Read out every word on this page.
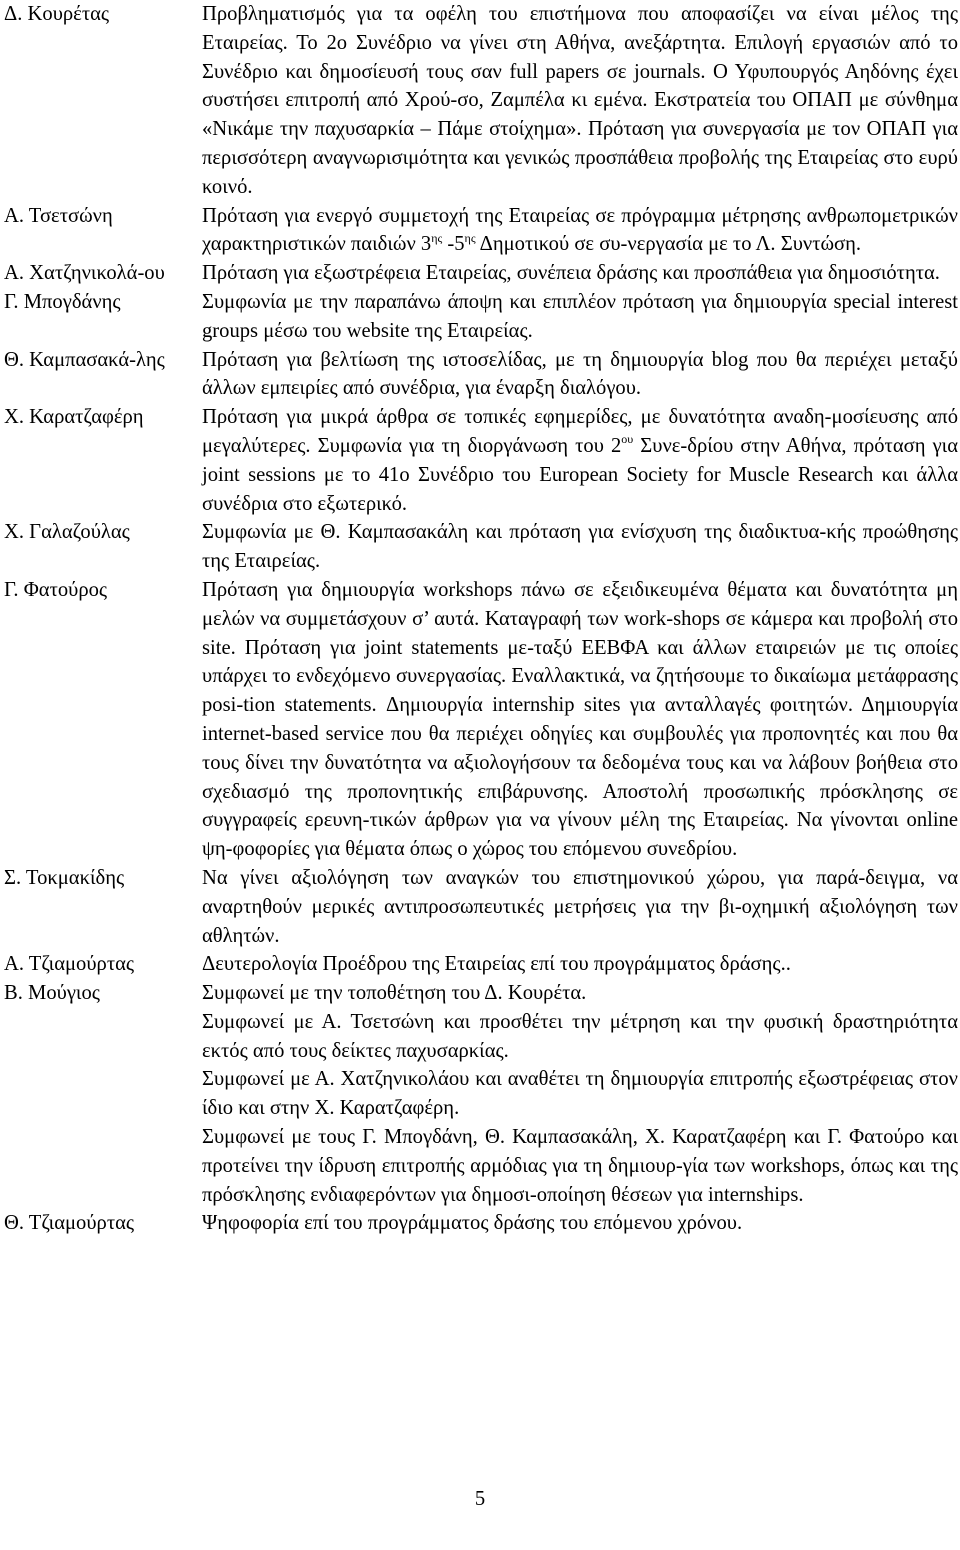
Δ. Κουρέτας	Προβληματισμός για τα οφέλη του επιστήμονα που αποφασίζει να είναι μέλος της Εταιρείας. Το 2ο Συνέδριο να γίνει στη Αθήνα, ανεξάρτητα. Επιλογή εργασιών από το Συνέδριο και δημοσίευσή τους σαν full papers σε journals. Ο Υφυπουργός Αηδόνης έχει συστήσει επιτροπή από Χρού-σο, Ζαμπέλα κι εμένα. Εκστρατεία του ΟΠΑΠ με σύνθημα «Νικάμε την παχυσαρκία – Πάμε στοίχημα». Πρόταση για συνεργασία με τον ΟΠΑΠ για περισσότερη αναγνωρισιμότητα και γενικώς προσπάθεια προβολής της Εταιρείας στο ευρύ κοινό.
Α. Τσετσώνη	Πρόταση για ενεργό συμμετοχή της Εταιρείας σε πρόγραμμα μέτρησης ανθρωπομετρικών χαρακτηριστικών παιδιών $3^{\eta\varsigma}$ $-5^{\eta\varsigma}$ Δημοτικού σε συ-νεργασία με το Λ. Συντώση.
Α. Χατζηνικολά-ου	Πρόταση για εξωστρέφεια Εταιρείας, συνέπεια δράσης και προσπάθεια για δημοσιότητα.
Γ. Μπογδάνης	Συμφωνία με την παραπάνω άποψη και επιπλέον πρόταση για δημιουργία special interest groups μέσω του website της Εταιρείας.
Θ. Καμπασακά-λης	Πρόταση για βελτίωση της ιστοσελίδας, με τη δημιουργία blog που θα περιέχει μεταξύ άλλων εμπειρίες από συνέδρια, για έναρξη διαλόγου.
Χ. Καρατζαφέρη	Πρόταση για μικρά άρθρα σε τοπικές εφημερίδες, με δυνατότητα αναδη-μοσίευσης από μεγαλύτερες. Συμφωνία για τη διοργάνωση του $2^{o\upsilon}$ Συνε-δρίου στην Αθήνα, πρόταση για joint sessions με το 41ο Συνέδριο του European Society for Muscle Research και άλλα συνέδρια στο εξωτερικό.
Χ. Γαλαζούλας	Συμφωνία με Θ. Καμπασακάλη και πρόταση για ενίσχυση της διαδικτυα-κής προώθησης της Εταιρείας.
Γ. Φατούρος	Πρόταση για δημιουργία workshops πάνω σε εξειδικευμένα θέματα και δυνατότητα μη μελών να συμμετάσχουν σ’ αυτά. Καταγραφή των work-shops σε κάμερα και προβολή στο site. Πρόταση για joint statements με-ταξύ ΕΕΒΦΑ και άλλων εταιρειών με τις οποίες υπάρχει το ενδεχόμενο συνεργασίας. Εναλλακτικά, να ζητήσουμε το δικαίωμα μετάφρασης posi-tion statements. Δημιουργία internship sites για ανταλλαγές φοιτητών. Δημιουργία internet-based service που θα περιέχει οδηγίες και συμβουλές για προπονητές και που θα τους δίνει την δυνατότητα να αξιολογήσουν τα δεδομένα τους και να λάβουν βοήθεια στο σχεδιασμό της προπονητικής επιβάρυνσης. Αποστολή προσωπικής πρόσκλησης σε συγγραφείς ερευνη-τικών άρθρων για να γίνουν μέλη της Εταιρείας. Να γίνονται online ψη-φοφορίες για θέματα όπως ο χώρος του επόμενου συνεδρίου.
Σ. Τοκμακίδης	Να γίνει αξιολόγηση των αναγκών του επιστημονικού χώρου, για παρά-δειγμα, να αναρτηθούν μερικές αντιπροσωπευτικές μετρήσεις για την βι-οχημική αξιολόγηση των αθλητών.
Α. Τζιαμούρτας	Δευτερολογία Προέδρου της Εταιρείας επί του προγράμματος δράσης..
Β. Μούγιος	Συμφωνεί με την τοποθέτηση του Δ. Κουρέτα.
Συμφωνεί με Α. Τσετσώνη και προσθέτει την μέτρηση και την φυσική δραστηριότητα εκτός από τους δείκτες παχυσαρκίας.
Συμφωνεί με Α. Χατζηνικολάου και αναθέτει τη δημιουργία επιτροπής εξωστρέφειας στον ίδιο και στην Χ. Καρατζαφέρη.
Συμφωνεί με τους Γ. Μπογδάνη, Θ. Καμπασακάλη, Χ. Καρατζαφέρη και Γ. Φατούρο και προτείνει την ίδρυση επιτροπής αρμόδιας για τη δημιουρ-γία των workshops, όπως και της πρόσκλησης ενδιαφερόντων για δημοσι-οποίηση θέσεων για internships.
Θ. Τζιαμούρτας	Ψηφοφορία επί του προγράμματος δράσης του επόμενου χρόνου.
5
